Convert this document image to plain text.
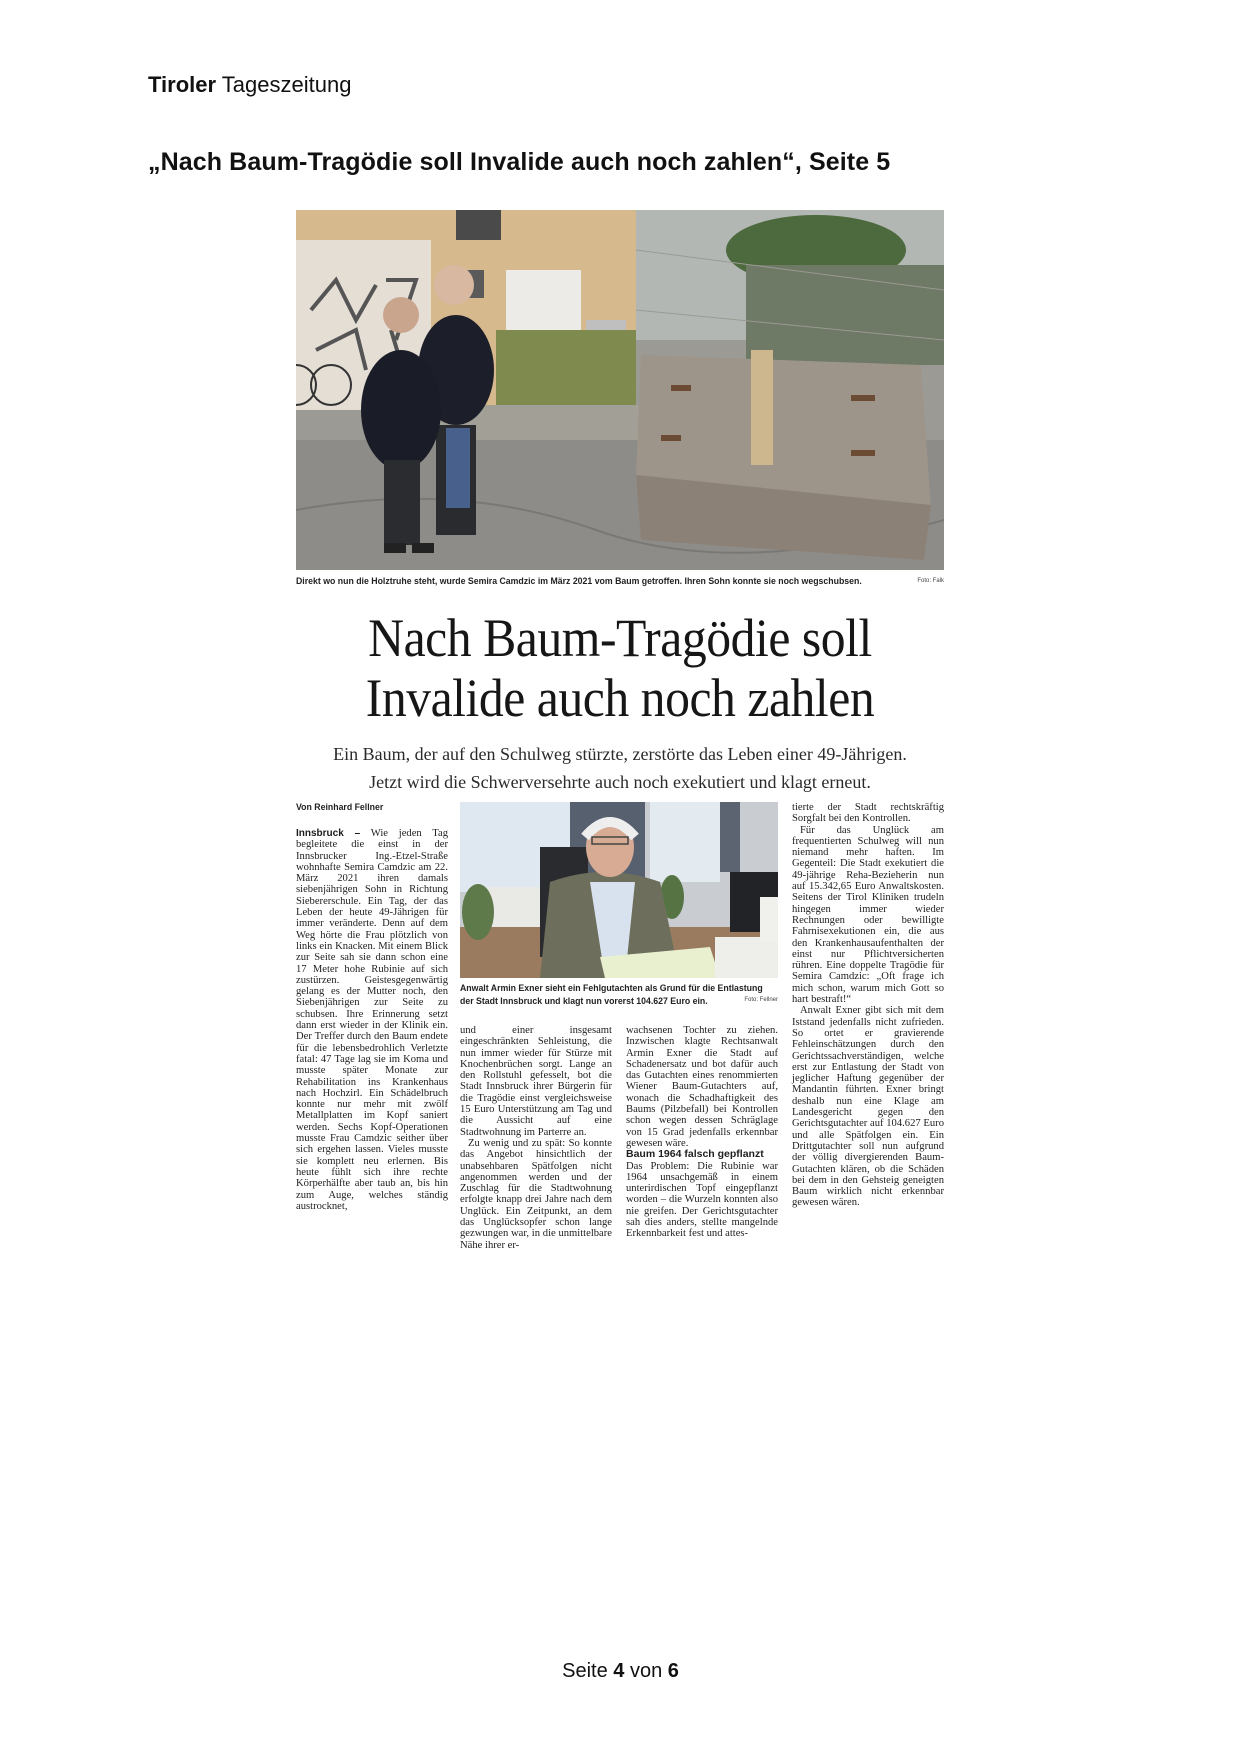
Tiroler Tageszeitung
„Nach Baum-Tragödie soll Invalide auch noch zahlen“, Seite 5
Direkt wo nun die Holztruhe steht, wurde Semira Camdzic im März 2021 vom Baum getroffen. Ihren Sohn konnte sie noch wegschubsen.	Foto: Falk
Nach Baum-Tragödie soll
Invalide auch noch zahlen
Ein Baum, der auf den Schulweg stürzte, zerstörte das Leben einer 49-Jährigen.
Jetzt wird die Schwerversehrte auch noch exekutiert und klagt erneut.
Von Reinhard Fellner

Innsbruck – Wie jeden Tag begleitete die einst in der Innsbrucker Ing.-Etzel-Straße wohnhafte Semira Camdzic am 22. März 2021 ihren damals siebenjährigen Sohn in Richtung Siebererschule. Ein Tag, der das Leben der heute 49-Jährigen für immer veränderte. Denn auf dem Weg hörte die Frau plötzlich von links ein Knacken. Mit einem Blick zur Seite sah sie dann schon eine 17 Meter hohe Rubinie auf sich zustürzen. Geistesgegenwärtig gelang es der Mutter noch, den Siebenjährigen zur Seite zu schubsen. Ihre Erinnerung setzt dann erst wieder in der Klinik ein. Der Treffer durch den Baum endete für die lebensbedrohlich Verletzte fatal: 47 Tage lag sie im Koma und musste später Monate zur Rehabilitation ins Krankenhaus nach Hochzirl. Ein Schädelbruch konnte nur mehr mit zwölf Metallplatten im Kopf saniert werden. Sechs Kopf-Operationen musste Frau Camdzic seither über sich ergehen lassen. Vieles musste sie komplett neu erlernen. Bis heute fühlt sich ihre rechte Körperhälfte aber taub an, bis hin zum Auge, welches ständig austrocknet,

Anwalt Armin Exner sieht ein Fehlgutachten als Grund für die Entlastung der Stadt Innsbruck und klagt nun vorerst 104.627 Euro ein.	Foto: Fellner

und einer insgesamt eingeschränkten Sehleistung, die nun immer wieder für Stürze mit Knochenbrüchen sorgt. Lange an den Rollstuhl gefesselt, bot die Stadt Innsbruck ihrer Bürgerin für die Tragödie einst vergleichsweise 15 Euro Unterstützung am Tag und die Aussicht auf eine Stadtwohnung im Parterre an.

Zu wenig und zu spät: So konnte das Angebot hinsichtlich der unabsehbaren Spätfolgen nicht angenommen werden und der Zuschlag für die Stadtwohnung erfolgte knapp drei Jahre nach dem Unglück. Ein Zeitpunkt, an dem das Unglücksopfer schon lange gezwungen war, in die unmittelbare Nähe ihrer er-

wachsenen Tochter zu ziehen. Inzwischen klagte Rechtsanwalt Armin Exner die Stadt auf Schadenersatz und bot dafür auch das Gutachten eines renommierten Wiener Baum-Gutachters auf, wonach die Schadhaftigkeit des Baums (Pilzbefall) bei Kontrollen schon wegen dessen Schräglage von 15 Grad jedenfalls erkennbar gewesen wäre.

Baum 1964 falsch gepflanzt

Das Problem: Die Rubinie war 1964 unsachgemäß in einem unterirdischen Topf eingepflanzt worden – die Wurzeln konnten also nie greifen. Der Gerichtsgutachter sah dies anders, stellte mangelnde Erkennbarkeit fest und attes-

tierte der Stadt rechtskräftig Sorgfalt bei den Kontrollen.

Für das Unglück am frequentierten Schulweg will nun niemand mehr haften. Im Gegenteil: Die Stadt exekutiert die 49-jährige Reha-Bezieherin nun auf 15.342,65 Euro Anwaltskosten. Seitens der Tirol Kliniken trudeln hingegen immer wieder Rechnungen oder bewilligte Fahrnisexekutionen ein, die aus den Krankenhausaufenthalten der einst nur Pflichtversicherten rühren. Eine doppelte Tragödie für Semira Camdzic: „Oft frage ich mich schon, warum mich Gott so hart bestraft!“

Anwalt Exner gibt sich mit dem Iststand jedenfalls nicht zufrieden. So ortet er gravierende Fehleinschätzungen durch den Gerichtssachverständigen, welche erst zur Entlastung der Stadt von jeglicher Haftung gegenüber der Mandantin führten. Exner bringt deshalb nun eine Klage am Landesgericht gegen den Gerichtsgutachter auf 104.627 Euro und alle Spätfolgen ein. Ein Drittgutachter soll nun aufgrund der völlig divergierenden Baum-Gutachten klären, ob die Schäden bei dem in den Gehsteig geneigten Baum wirklich nicht erkennbar gewesen wären.

Seite 4 von 6
